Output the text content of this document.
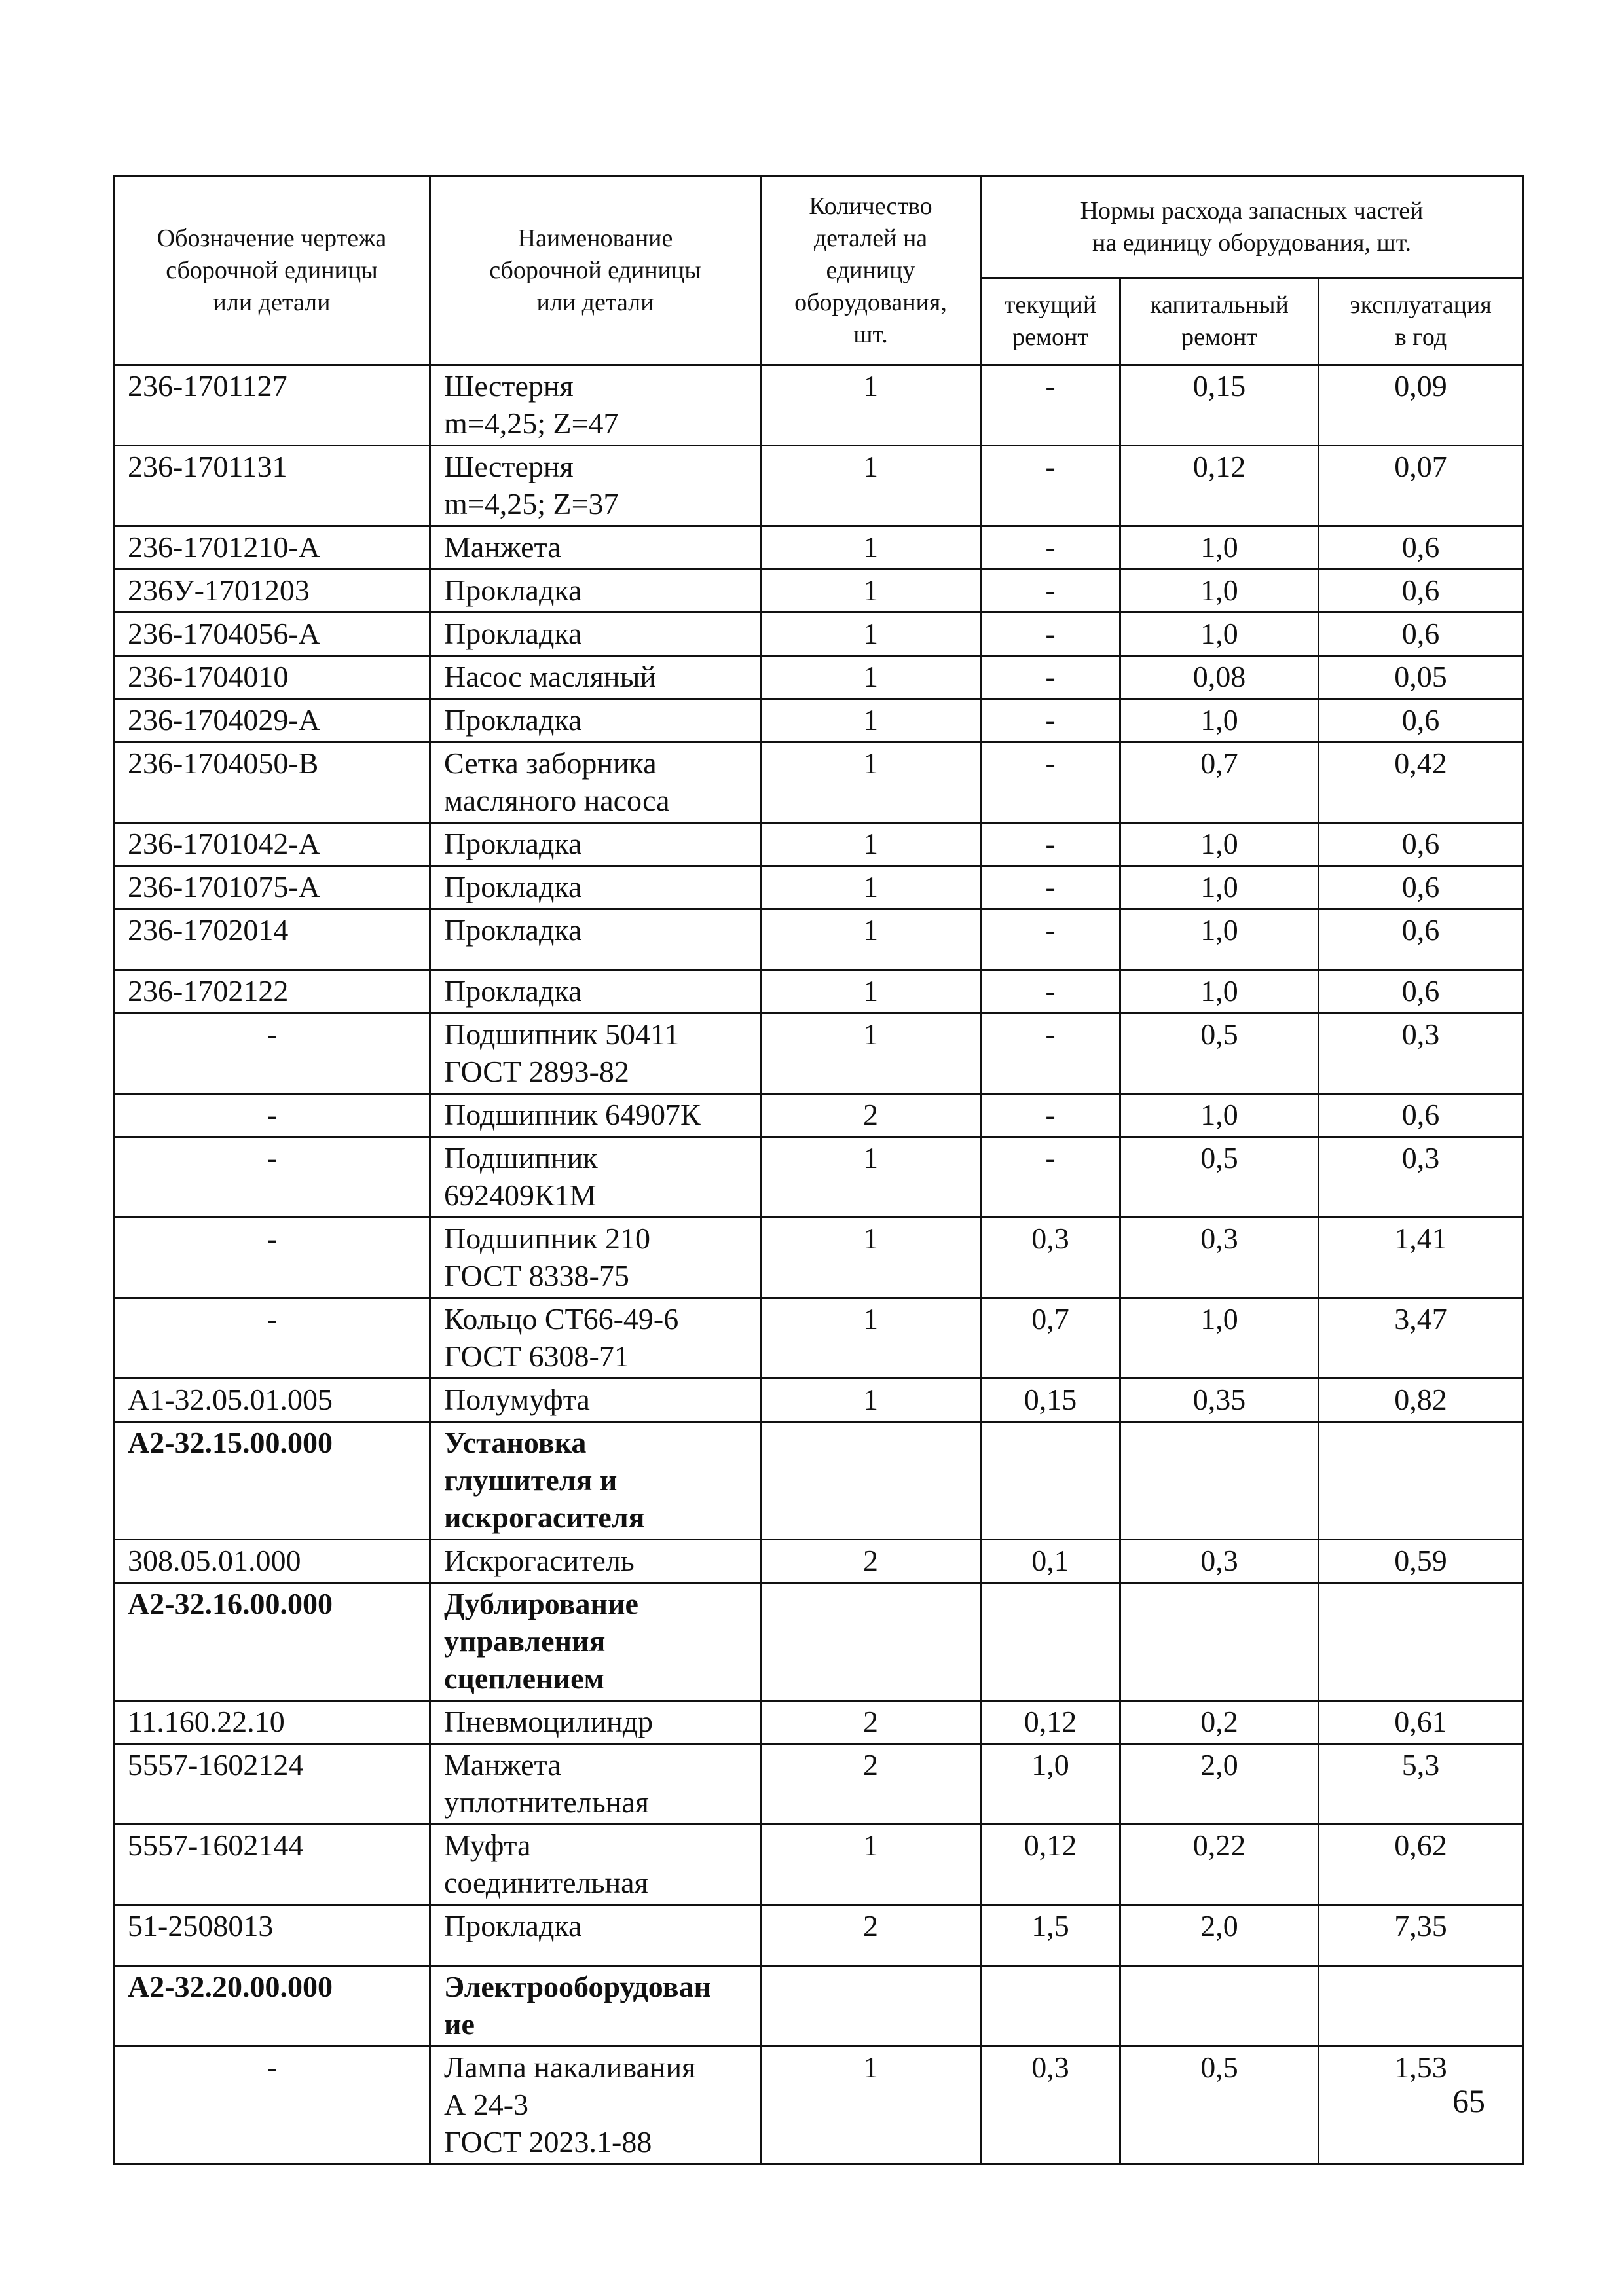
Обозначение чертежа
сборочной единицы
или детали	Наименование
сборочной единицы
или детали	Количество
деталей на
единицу
оборудования,
шт.	Нормы расхода запасных частей
на единицу оборудования, шт.		
			текущий
ремонт	капитальный
ремонт	эксплуатация
в год
236-1701127	Шестерня
m=4,25; Z=47	1	-	0,15	0,09
236-1701131	Шестерня
m=4,25; Z=37	1	-	0,12	0,07
236-1701210-А	Манжета	1	-	1,0	0,6
236У-1701203	Прокладка	1	-	1,0	0,6
236-1704056-А	Прокладка	1	-	1,0	0,6
236-1704010	Насос масляный	1	-	0,08	0,05
236-1704029-А	Прокладка	1	-	1,0	0,6
236-1704050-В	Сетка заборника
масляного насоса	1	-	0,7	0,42
236-1701042-А	Прокладка	1	-	1,0	0,6
236-1701075-А	Прокладка	1	-	1,0	0,6
236-1702014	Прокладка	1	-	1,0	0,6
236-1702122	Прокладка	1	-	1,0	0,6
-	Подшипник 50411
ГОСТ 2893-82	1	-	0,5	0,3
-	Подшипник 64907К	2	-	1,0	0,6
-	Подшипник
692409К1М	1	-	0,5	0,3
-	Подшипник 210
ГОСТ 8338-75	1	0,3	0,3	1,41
-	Кольцо СТ66-49-6
ГОСТ 6308-71	1	0,7	1,0	3,47
А1-32.05.01.005	Полумуфта	1	0,15	0,35	0,82
А2-32.15.00.000	Установка
глушителя и
искрогасителя				
308.05.01.000	Искрогаситель	2	0,1	0,3	0,59
А2-32.16.00.000	Дублирование
управления
сцеплением				
11.160.22.10	Пневмоцилиндр	2	0,12	0,2	0,61
5557-1602124	Манжета
уплотнительная	2	1,0	2,0	5,3
5557-1602144	Муфта
соединительная	1	0,12	0,22	0,62
51-2508013	Прокладка	2	1,5	2,0	7,35
А2-32.20.00.000	Электрооборудован
ие				
-	Лампа накаливания
А 24-3
ГОСТ 2023.1-88	1	0,3	0,5	1,53
65
